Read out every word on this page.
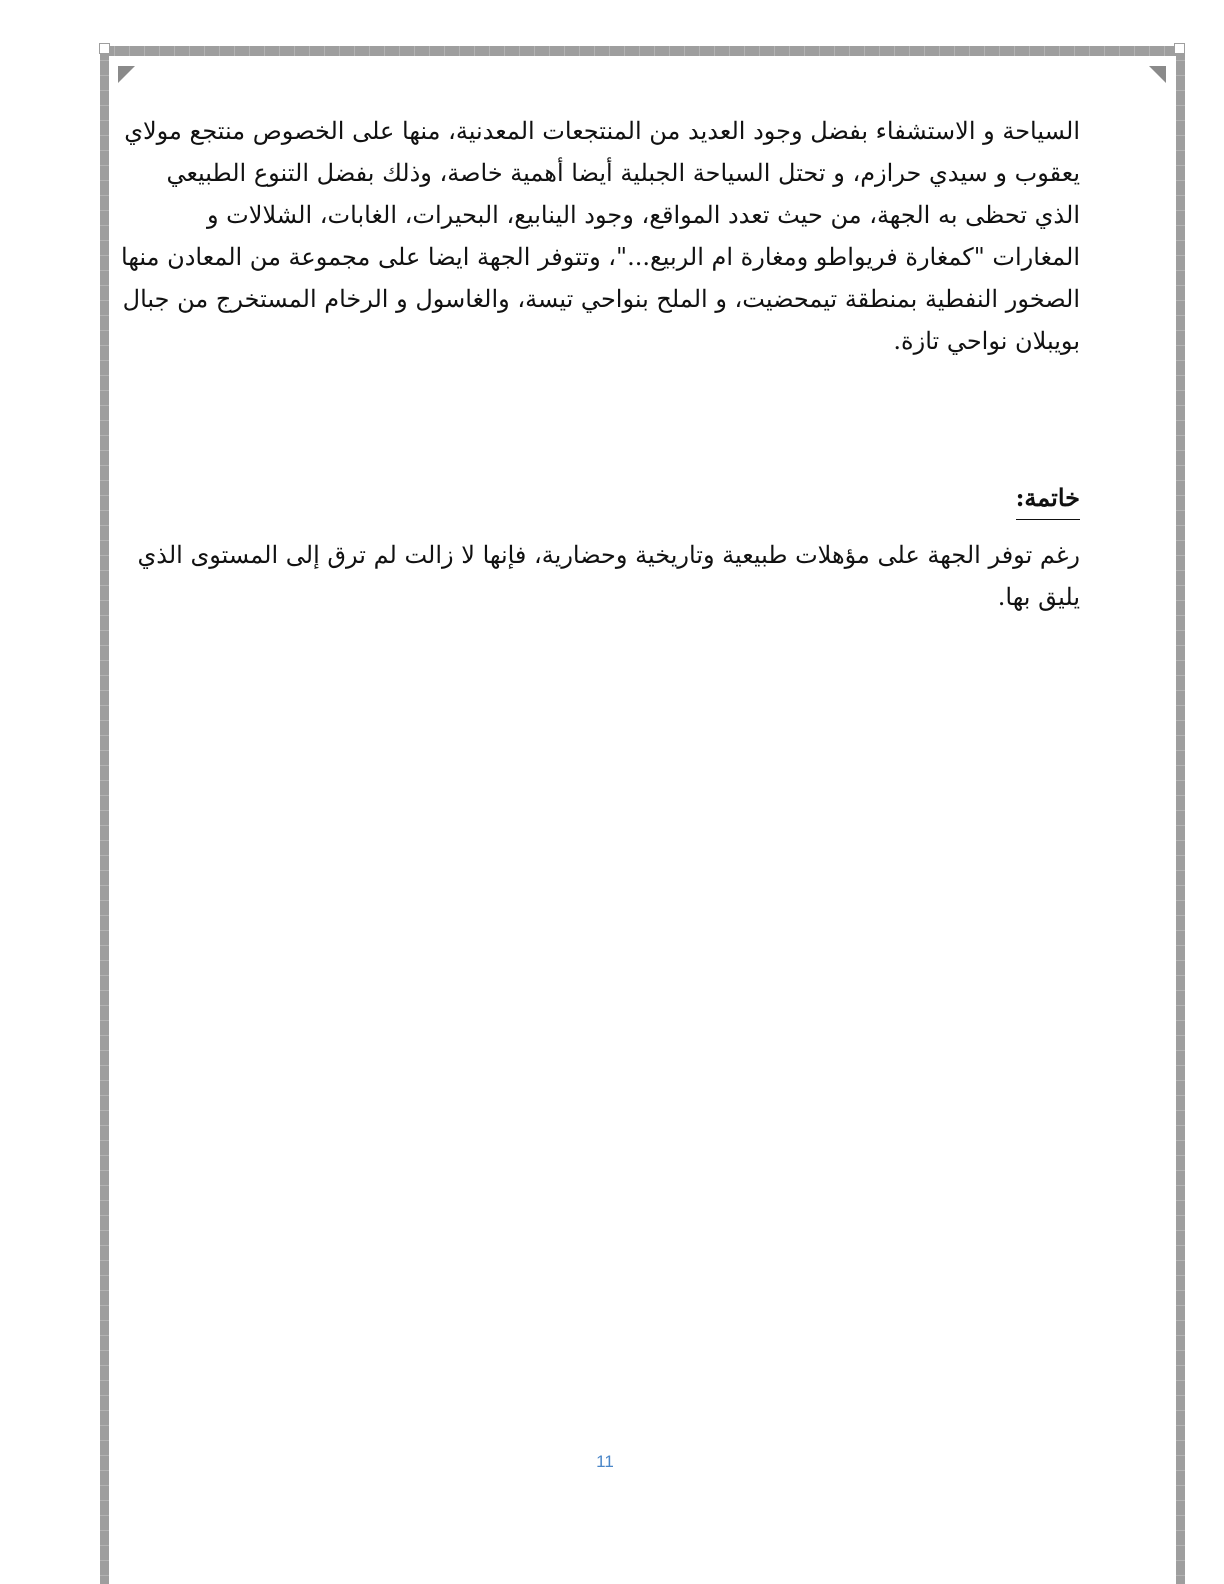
السياحة و الاستشفاء بفضل وجود العديد من المنتجعات المعدنية، منها على الخصوص منتجع مولاي
يعقوب و سيدي حرازم، و تحتل السياحة الجبلية أيضا أهمية خاصة، وذلك بفضل التنوع الطبيعي
الذي تحظى به الجهة، من حيث تعدد المواقع، وجود الينابيع، البحيرات، الغابات، الشلالات و
المغارات "كمغارة فريواطو ومغارة ام الربيع..."، وتتوفر الجهة ايضا على مجموعة من المعادن منها
الصخور النفطية بمنطقة تيمحضيت، و الملح بنواحي تيسة، والغاسول و الرخام المستخرج من جبال
بويبلان نواحي تازة.
خاتمة:
رغم توفر الجهة على مؤهلات طبيعية وتاريخية وحضارية، فإنها لا زالت لم ترق إلى المستوى الذي
يليق بها.
11
